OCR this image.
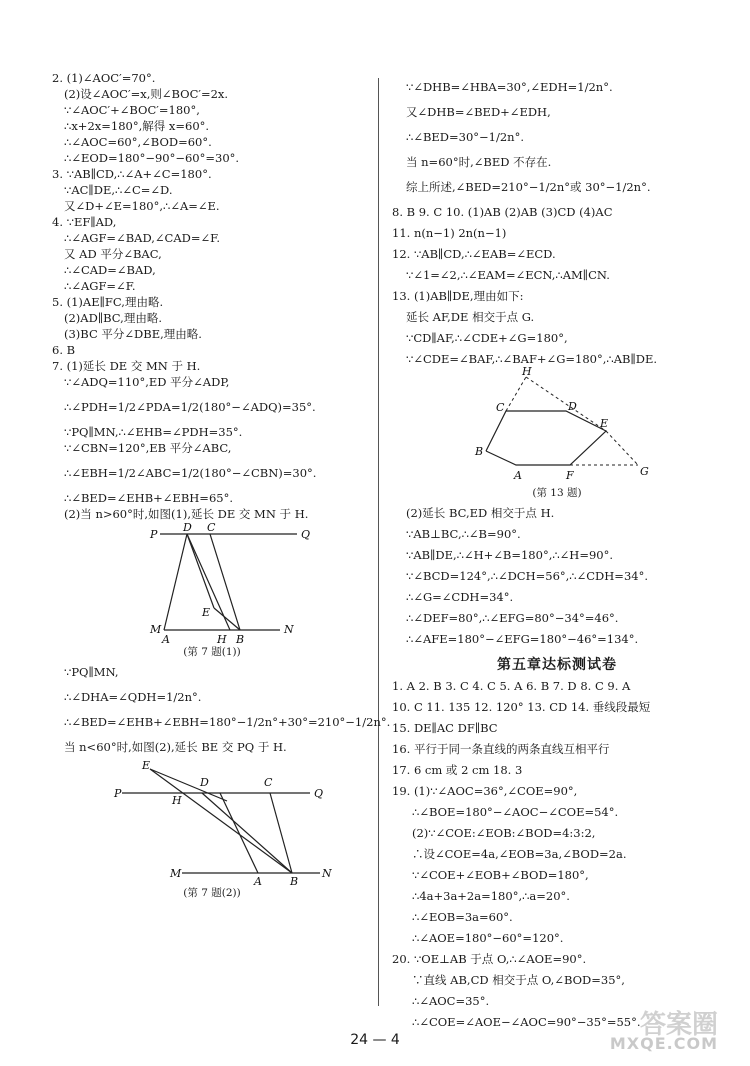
2. (1)∠AOC′=70°.
(2)设∠AOC′=x,则∠BOC′=2x.
∵∠AOC′+∠BOC′=180°,
∴x+2x=180°,解得 x=60°.
∴∠AOC=60°,∠BOD=60°.
∴∠EOD=180°−90°−60°=30°.
3. ∵AB∥CD,∴∠A+∠C=180°.
∵AC∥DE,∴∠C=∠D.
又∠D+∠E=180°,∴∠A=∠E.
4. ∵EF∥AD,
∴∠AGF=∠BAD,∠CAD=∠F.
又 AD 平分∠BAC,
∴∠CAD=∠BAD,
∴∠AGF=∠F.
5. (1)AE∥FC,理由略.
(2)AD∥BC,理由略.
(3)BC 平分∠DBE,理由略.
6. B
7. (1)延长 DE 交 MN 于 H.
∵∠ADQ=110°,ED 平分∠ADP,
∴∠PDH=1/2∠PDA=1/2(180°−∠ADQ)=35°.
∵PQ∥MN,∴∠EHB=∠PDH=35°.
∵∠CBN=120°,EB 平分∠ABC,
∴∠EBH=1/2∠ABC=1/2(180°−∠CBN)=30°.
∴∠BED=∠EHB+∠EBH=65°.
(2)当 n>60°时,如图(1),延长 DE 交 MN 于 H.
P
D C
Q
M
A
E
H B
N
(第 7 题(1))
∵PQ∥MN,
∴∠DHA=∠QDH=1/2n°.
∴∠BED=∠EHB+∠EBH=180°−1/2n°+30°=210°−1/2n°.
当 n<60°时,如图(2),延长 BE 交 PQ 于 H.
E
D	C
P
H
Q
M
A	B
N
(第 7 题(2))
∵∠DHB=∠HBA=30°,∠EDH=1/2n°.
又∠DHB=∠BED+∠EDH,
∴∠BED=30°−1/2n°.
当 n=60°时,∠BED 不存在.
综上所述,∠BED=210°−1/2n°或 30°−1/2n°.
8. B 9. C 10. (1)AB (2)AB (3)CD (4)AC
11. n(n−1) 2n(n−1)
12. ∵AB∥CD,∴∠EAB=∠ECD.
∵∠1=∠2,∴∠EAM=∠ECN,∴AM∥CN.
13. (1)AB∥DE,理由如下:
延长 AF,DE 相交于点 G.
∵CD∥AF,∴∠CDE+∠G=180°,
∵∠CDE=∠BAF,∴∠BAF+∠G=180°,∴AB∥DE.
H
C	D
E
B
A	F	G
(第 13 题)
(2)延长 BC,ED 相交于点 H.
∵AB⊥BC,∴∠B=90°.
∵AB∥DE,∴∠H+∠B=180°,∴∠H=90°.
∵∠BCD=124°,∴∠DCH=56°,∴∠CDH=34°.
∴∠G=∠CDH=34°.
∴∠DEF=80°,∴∠EFG=80°−34°=46°.
∴∠AFE=180°−∠EFG=180°−46°=134°.
第五章达标测试卷
1. A 2. B 3. C 4. C 5. A 6. B 7. D 8. C 9. A
10. C 11. 135 12. 120° 13. CD 14. 垂线段最短
15. DE∥AC DF∥BC
16. 平行于同一条直线的两条直线互相平行
17. 6 cm 或 2 cm 18. 3
19. (1)∵∠AOC=36°,∠COE=90°,
∴∠BOE=180°−∠AOC−∠COE=54°.
(2)∵∠COE:∠EOB:∠BOD=4:3:2,
∴设∠COE=4a,∠EOB=3a,∠BOD=2a.
∵∠COE+∠EOB+∠BOD=180°,
∴4a+3a+2a=180°,∴a=20°.
∴∠EOB=3a=60°.
∴∠AOE=180°−60°=120°.
20. ∵OE⊥AB 于点 O,∴∠AOE=90°.
∵直线 AB,CD 相交于点 O,∠BOD=35°,
∴∠AOC=35°.
∴∠COE=∠AOE−∠AOC=90°−35°=55°.
24 — 4	答案圈
MXQE.COM
